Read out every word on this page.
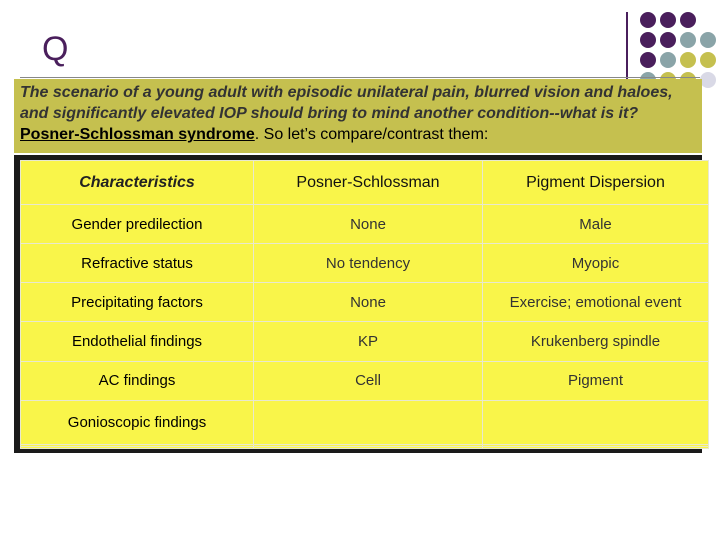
Q
The scenario of a young adult with episodic unilateral pain, blurred vision and haloes, and significantly elevated IOP should bring to mind another condition--what is it? Posner-Schlossman syndrome. So let’s compare/contrast them:
Characteristics	Posner-Schlossman	Pigment Dispersion
Gender predilection	None	Male
Refractive status	No tendency	Myopic
Precipitating factors	None	Exercise; emotional event
Endothelial findings	KP	Krukenberg spindle
AC findings	Cell	Pigment
Gonioscopic findings		
